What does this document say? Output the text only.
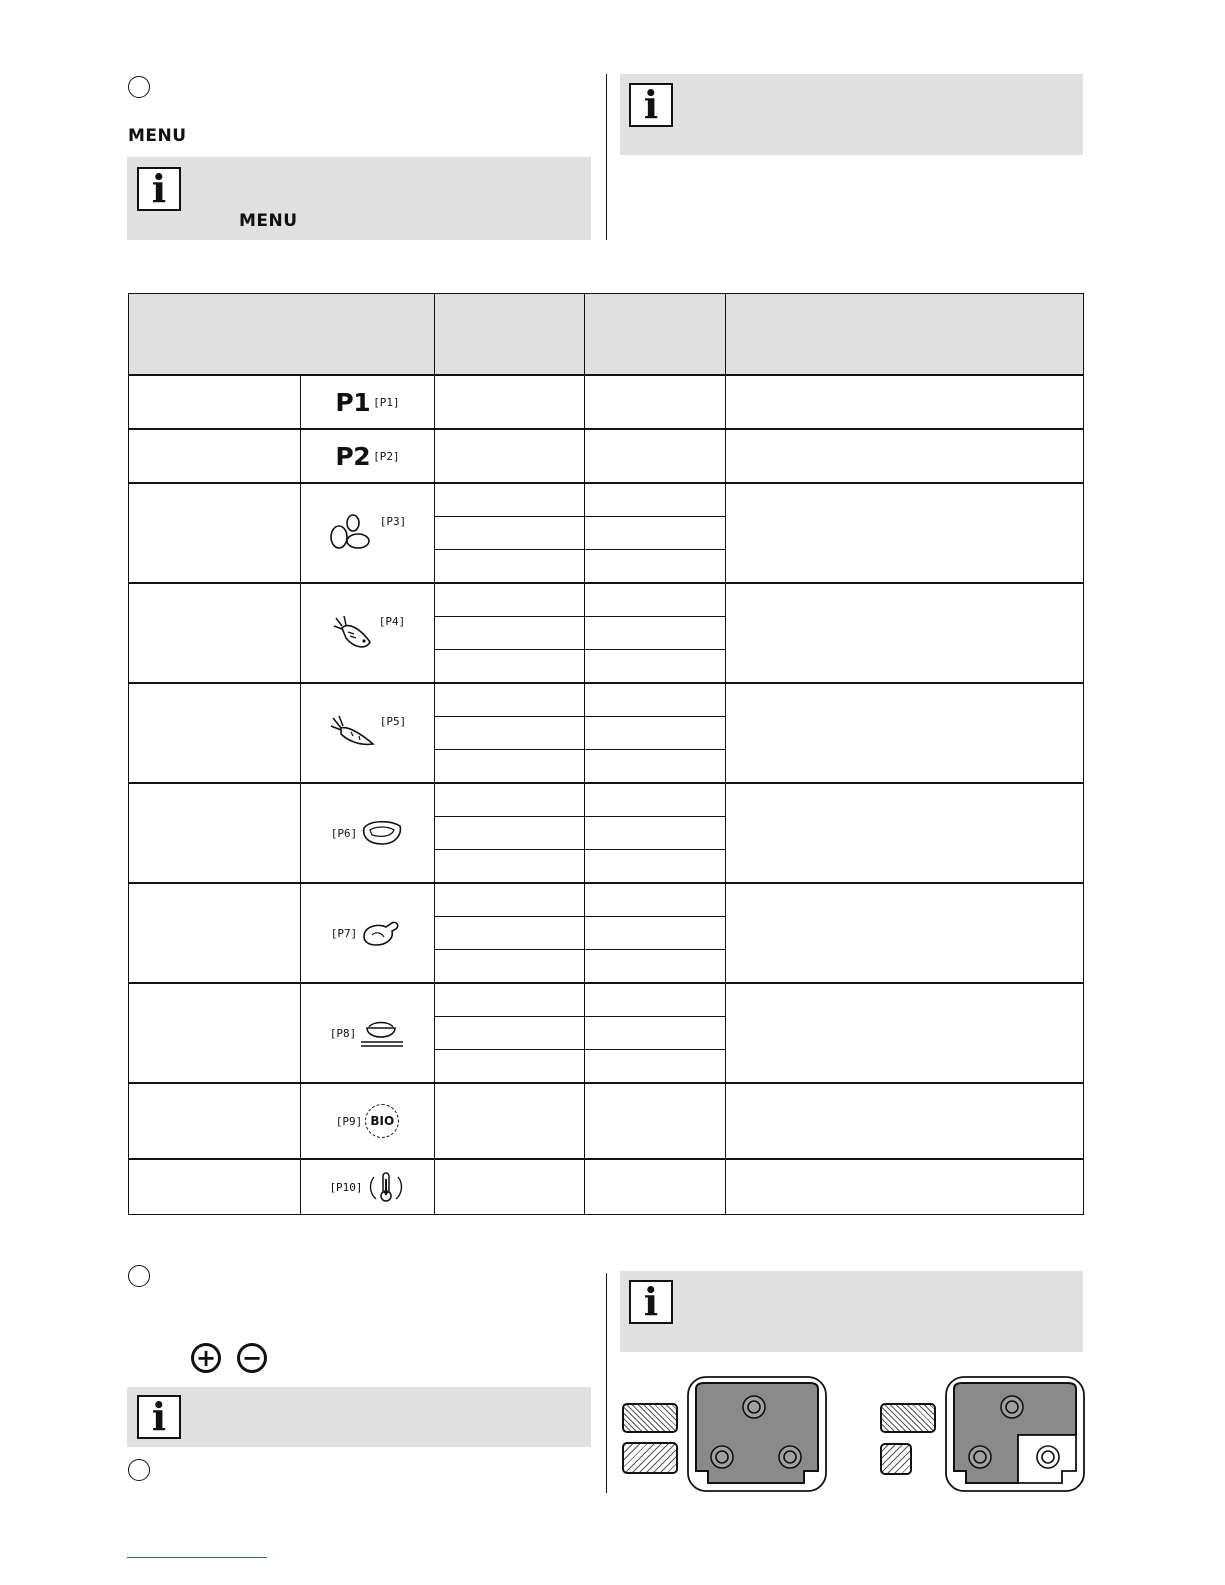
MENU
i
MENU
i

	P1 [P1]			

	P2 [P2]			

	[P3]			

	[P4]			

	[P5]			

	[P6]			

	[P7]			

	[P8]			

	[P9] BIO			

	[P10]			

+ −
i
i
